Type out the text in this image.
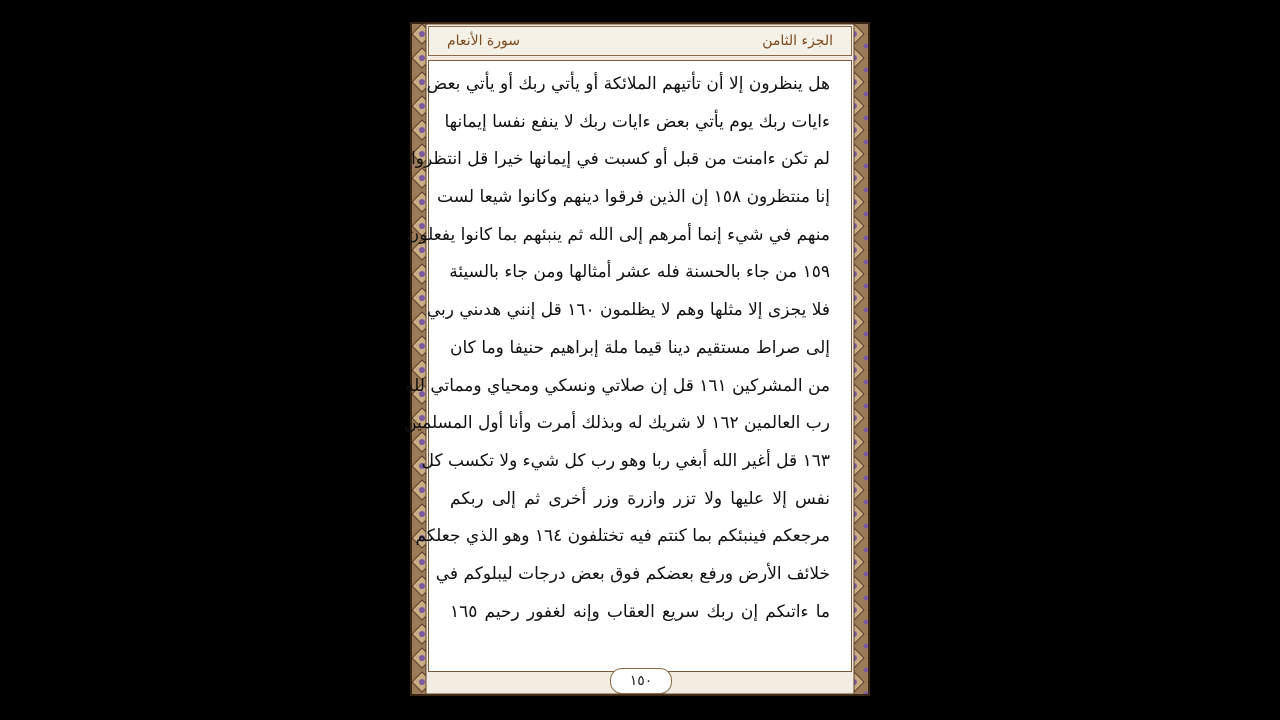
سورة الأنعام	الجزء الثامن
هل ينظرون إلا أن تأتيهم الملائكة أو يأتي ربك أو يأتي بعض
ءايات ربك يوم يأتي بعض ءايات ربك لا ينفع نفسا إيمانها
لم تكن ءامنت من قبل أو كسبت في إيمانها خيرا قل انتظروا
إنا منتظرون ١٥٨ إن الذين فرقوا دينهم وكانوا شيعا لست
منهم في شيء إنما أمرهم إلى الله ثم ينبئهم بما كانوا يفعلون
١٥٩ من جاء بالحسنة فله عشر أمثالها ومن جاء بالسيئة
فلا يجزى إلا مثلها وهم لا يظلمون ١٦٠ قل إنني هدىني ربي
إلى صراط مستقيم دينا قيما ملة إبراهيم حنيفا وما كان
من المشركين ١٦١ قل إن صلاتي ونسكي ومحياي ومماتي لله
رب العالمين ١٦٢ لا شريك له وبذلك أمرت وأنا أول المسلمين
١٦٣ قل أغير الله أبغي ربا وهو رب كل شيء ولا تكسب كل
نفس إلا عليها ولا تزر وازرة وزر أخرى ثم إلى ربكم
مرجعكم فينبئكم بما كنتم فيه تختلفون ١٦٤ وهو الذي جعلكم
خلائف الأرض ورفع بعضكم فوق بعض درجات ليبلوكم في
ما ءاتىكم إن ربك سريع العقاب وإنه لغفور رحيم ١٦٥
١٥٠
